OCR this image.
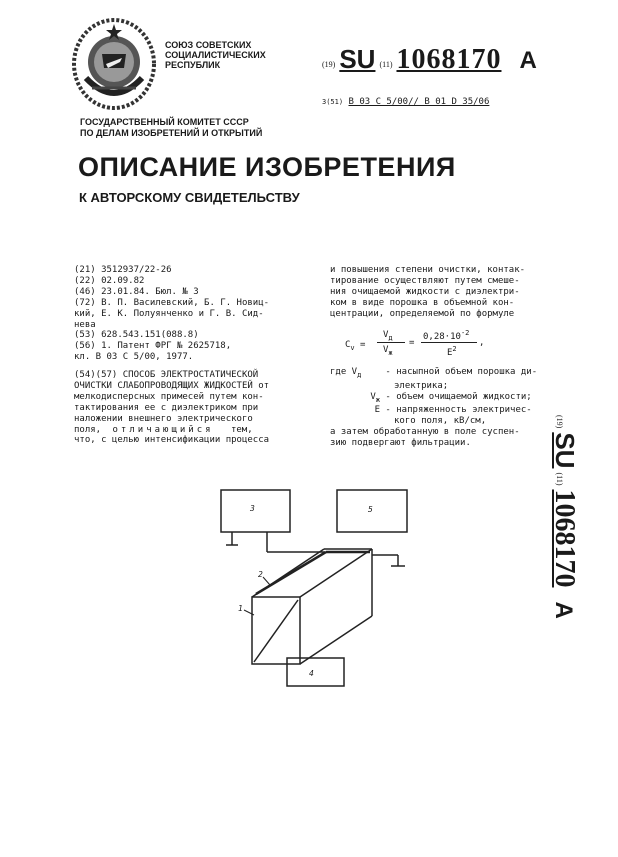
СОЮЗ СОВЕТСКИХ
СОЦИАЛИСТИЧЕСКИХ
РЕСПУБЛИК	(19) SU (11) 1068170 A
3(51) В 03 С 5/00// В 01 D 35/06
ГОСУДАРСТВЕННЫЙ КОМИТЕТ СССР
ПО ДЕЛАМ ИЗОБРЕТЕНИЙ И ОТКРЫТИЙ
ОПИСАНИЕ ИЗОБРЕТЕНИЯ
К АВТОРСКОМУ СВИДЕТЕЛЬСТВУ
(21) 3512937/22-26
(22) 02.09.82
(46) 23.01.84. Бюл. № 3
(72) В. П. Василевский, Б. Г. Новиц-
кий, Е. К. Полуянченко и Г. В. Сид-
нева
(53) 628.543.151(088.8)
(56) 1. Патент ФРГ № 2625718,
кл. В 03 С 5/00, 1977.
(54)(57) СПОСОБ ЭЛЕКТРОСТАТИЧЕСКОЙ
ОЧИСТКИ СЛАБОПРОВОДЯЩИХ ЖИДКОСТЕЙ от
мелкодисперсных примесей путем кон-
тактирования ее с диэлектриком при
наложении внешнего электрического
поля, отличающийся тем,
что, с целью интенсификации процесса
и повышения степени очистки, контак-
тирование осуществляют путем смеше-
ния очищаемой жидкости с диэлектри-
ком в виде порошка в объемной кон-
центрации, определяемой по формуле
$С_v$ =
$V_д$
$V_ж$
=
$0,28\cdot 10^{-2}$
$Е^2$
,
где $V_д$ - насыпной объем порошка ди-
электрика;
$V_ж$ - объем очищаемой жидкости;
Е - напряженность электричес-
кого поля, кВ/см,
а затем обработанную в поле суспен-
зию подвергают фильтрации.
(19) SU (11) 1068170 A
3	5
2
1
4
